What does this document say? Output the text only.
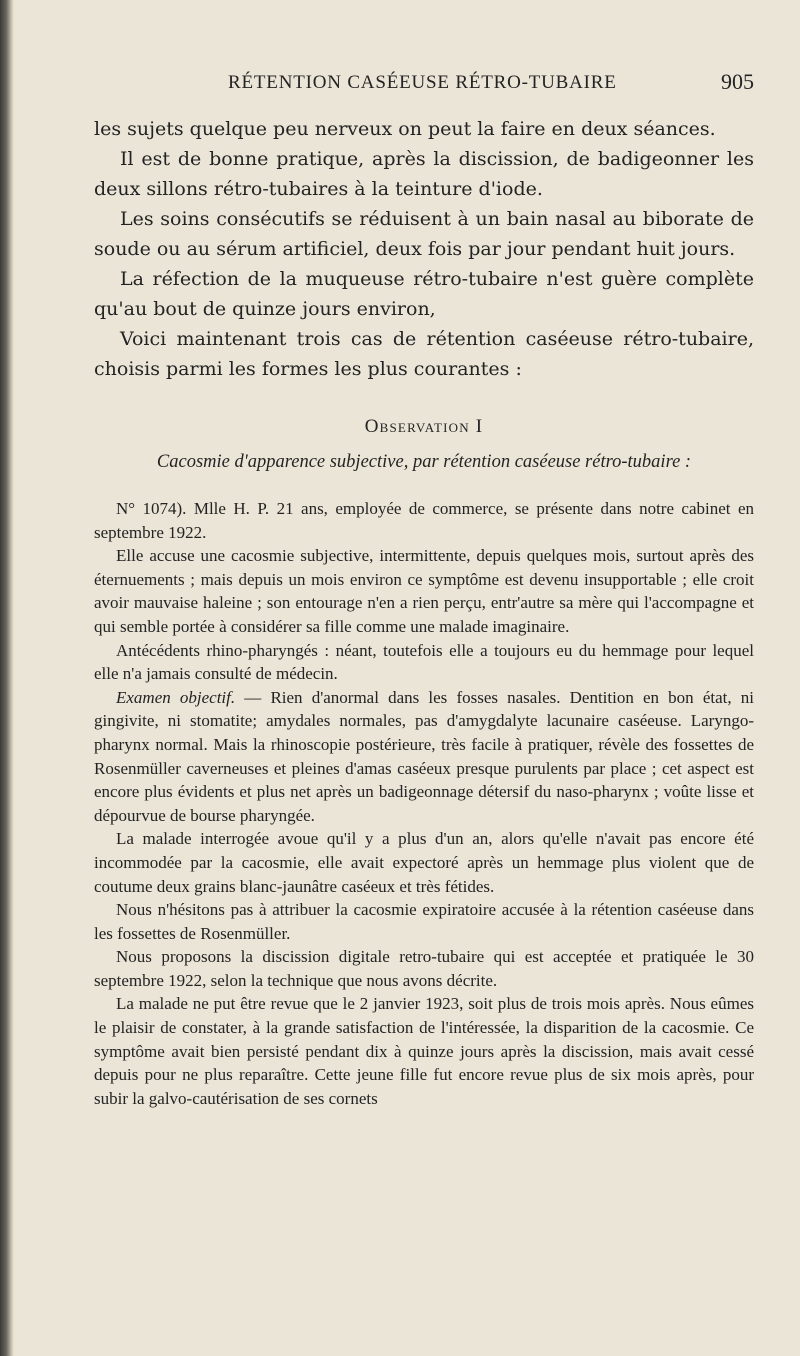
RÉTENTION CASÉEUSE RÉTRO-TUBAIRE	905

les sujets quelque peu nerveux on peut la faire en deux séances.

Il est de bonne pratique, après la discission, de badigeonner les deux sillons rétro-tubaires à la teinture d'iode.

Les soins consécutifs se réduisent à un bain nasal au biborate de soude ou au sérum artificiel, deux fois par jour pendant huit jours.

La réfection de la muqueuse rétro-tubaire n'est guère complète qu'au bout de quinze jours environ,

Voici maintenant trois cas de rétention caséeuse rétro-tubaire, choisis parmi les formes les plus courantes :

Observation I
Cacosmie d'apparence subjective, par rétention caséeuse rétro-tubaire :

N° 1074). Mlle H. P. 21 ans, employée de commerce, se présente dans notre cabinet en septembre 1922.

Elle accuse une cacosmie subjective, intermittente, depuis quelques mois, surtout après des éternuements ; mais depuis un mois environ ce symptôme est devenu insupportable ; elle croit avoir mauvaise haleine ; son entourage n'en a rien perçu, entr'autre sa mère qui l'accompagne et qui semble portée à considérer sa fille comme une malade imaginaire.

Antécédents rhino-pharyngés : néant, toutefois elle a toujours eu du hemmage pour lequel elle n'a jamais consulté de médecin.

Examen objectif. — Rien d'anormal dans les fosses nasales. Dentition en bon état, ni gingivite, ni stomatite; amydales normales, pas d'amygdalyte lacunaire caséeuse. Laryngo-pharynx normal. Mais la rhinoscopie postérieure, très facile à pratiquer, révèle des fossettes de Rosenmüller caverneuses et pleines d'amas caséeux presque purulents par place ; cet aspect est encore plus évidents et plus net après un badigeonnage détersif du naso-pharynx ; voûte lisse et dépourvue de bourse pharyngée.

La malade interrogée avoue qu'il y a plus d'un an, alors qu'elle n'avait pas encore été incommodée par la cacosmie, elle avait expectoré après un hemmage plus violent que de coutume deux grains blanc-jaunâtre caséeux et très fétides.

Nous n'hésitons pas à attribuer la cacosmie expiratoire accusée à la rétention caséeuse dans les fossettes de Rosenmüller.

Nous proposons la discission digitale retro-tubaire qui est acceptée et pratiquée le 30 septembre 1922, selon la technique que nous avons décrite.

La malade ne put être revue que le 2 janvier 1923, soit plus de trois mois après. Nous eûmes le plaisir de constater, à la grande satisfaction de l'intéressée, la disparition de la cacosmie. Ce symptôme avait bien persisté pendant dix à quinze jours après la discission, mais avait cessé depuis pour ne plus reparaître. Cette jeune fille fut encore revue plus de six mois après, pour subir la galvo-cautérisation de ses cornets
